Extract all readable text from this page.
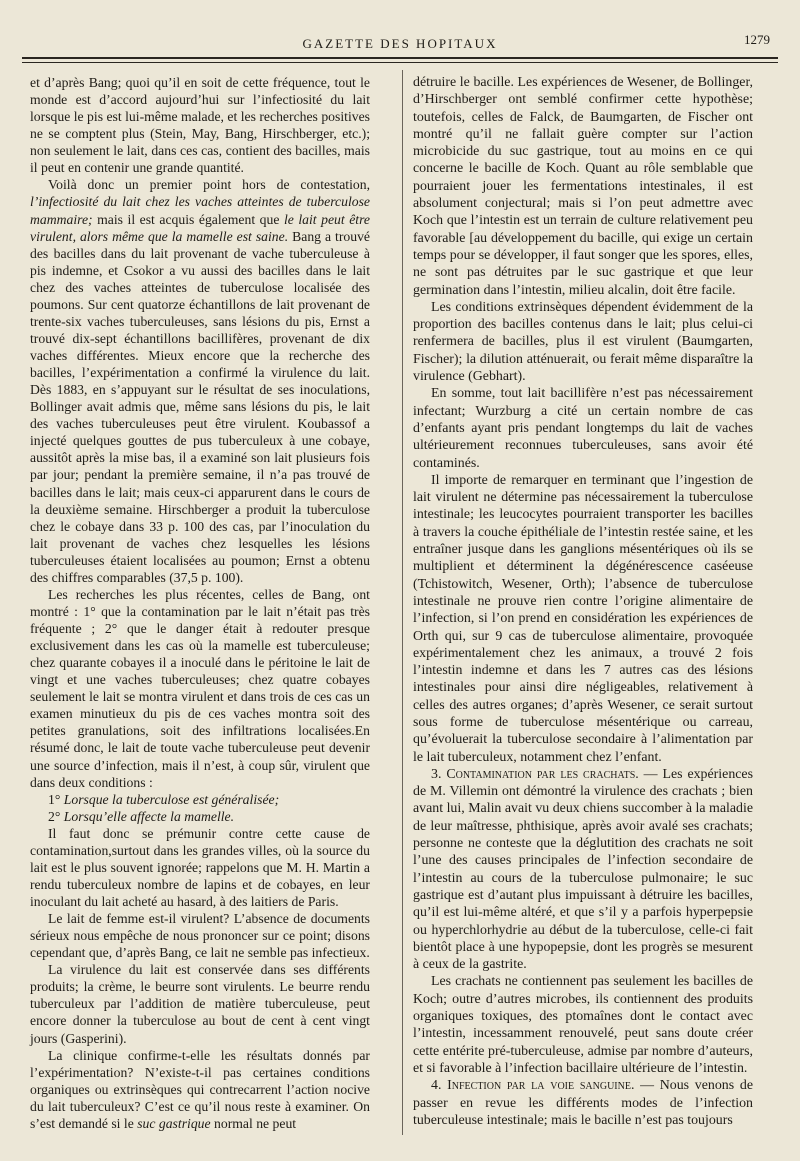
GAZETTE DES HOPITAUX	1279

et d’après Bang; quoi qu’il en soit de cette fréquence, tout le monde est d’accord aujourd’hui sur l’infectiosité du lait lorsque le pis est lui-même malade, et les recherches positives ne se comptent plus (Stein, May, Bang, Hirschberger, etc.); non seulement le lait, dans ces cas, contient des bacilles, mais il peut en contenir une grande quantité.

Voilà donc un premier point hors de contestation, l’infectiosité du lait chez les vaches atteintes de tuberculose mammaire; mais il est acquis également que le lait peut être virulent, alors même que la mamelle est saine. Bang a trouvé des bacilles dans du lait provenant de vache tuberculeuse à pis indemne, et Csokor a vu aussi des bacilles dans le lait chez des vaches atteintes de tuberculose localisée des poumons. Sur cent quatorze échantillons de lait provenant de trente-six vaches tuberculeuses, sans lésions du pis, Ernst a trouvé dix-sept échantillons bacillifères, provenant de dix vaches différentes. Mieux encore que la recherche des bacilles, l’expérimentation a confirmé la virulence du lait. Dès 1883, en s’appuyant sur le résultat de ses inoculations, Bollinger avait admis que, même sans lésions du pis, le lait des vaches tuberculeuses peut être virulent. Koubassof a injecté quelques gouttes de pus tuberculeux à une cobaye, aussitôt après la mise bas, il a examiné son lait plusieurs fois par jour; pendant la première semaine, il n’a pas trouvé de bacilles dans le lait; mais ceux-ci apparurent dans le cours de la deuxième semaine. Hirschberger a produit la tuberculose chez le cobaye dans 33 p. 100 des cas, par l’inoculation du lait provenant de vaches chez lesquelles les lésions tuberculeuses étaient localisées au poumon; Ernst a obtenu des chiffres comparables (37,5 p. 100).

Les recherches les plus récentes, celles de Bang, ont montré : 1° que la contamination par le lait n’était pas très fréquente ; 2° que le danger était à redouter presque exclusivement dans les cas où la mamelle est tuberculeuse; chez quarante cobayes il a inoculé dans le péritoine le lait de vingt et une vaches tuberculeuses; chez quatre cobayes seulement le lait se montra virulent et dans trois de ces cas un examen minutieux du pis de ces vaches montra soit des petites granulations, soit des infiltrations localisées.En résumé donc, le lait de toute vache tuberculeuse peut devenir une source d’infection, mais il n’est, à coup sûr, virulent que dans deux conditions :

1° Lorsque la tuberculose est généralisée;

2° Lorsqu’elle affecte la mamelle.

Il faut donc se prémunir contre cette cause de contamination,surtout dans les grandes villes, où la source du lait est le plus souvent ignorée; rappelons que M. H. Martin a rendu tuberculeux nombre de lapins et de cobayes, en leur inoculant du lait acheté au hasard, à des laitiers de Paris.

Le lait de femme est-il virulent? L’absence de documents sérieux nous empêche de nous prononcer sur ce point; disons cependant que, d’après Bang, ce lait ne semble pas infectieux.

La virulence du lait est conservée dans ses différents produits; la crème, le beurre sont virulents. Le beurre rendu tuberculeux par l’addition de matière tuberculeuse, peut encore donner la tuberculose au bout de cent à cent vingt jours (Gasperini).

La clinique confirme-t-elle les résultats donnés par l’expérimentation? N’existe-t-il pas certaines conditions organiques ou extrinsèques qui contrecarrent l’action nocive du lait tuberculeux? C’est ce qu’il nous reste à examiner. On s’est demandé si le suc gastrique normal ne peut

détruire le bacille. Les expériences de Wesener, de Bollinger, d’Hirschberger ont semblé confirmer cette hypothèse; toutefois, celles de Falck, de Baumgarten, de Fischer ont montré qu’il ne fallait guère compter sur l’action microbicide du suc gastrique, tout au moins en ce qui concerne le bacille de Koch. Quant au rôle semblable que pourraient jouer les fermentations intestinales, il est absolument conjectural; mais si l’on peut admettre avec Koch que l’intestin est un terrain de culture relativement peu favorable [au développement du bacille, qui exige un certain temps pour se développer, il faut songer que les spores, elles, ne sont pas détruites par le suc gastrique et que leur germination dans l’intestin, milieu alcalin, doit être facile.

Les conditions extrinsèques dépendent évidemment de la proportion des bacilles contenus dans le lait; plus celui-ci renfermera de bacilles, plus il est virulent (Baumgarten, Fischer); la dilution atténuerait, ou ferait même disparaître la virulence (Gebhart).

En somme, tout lait bacillifère n’est pas nécessairement infectant; Wurzburg a cité un certain nombre de cas d’enfants ayant pris pendant longtemps du lait de vaches ultérieurement reconnues tuberculeuses, sans avoir été contaminés.

Il importe de remarquer en terminant que l’ingestion de lait virulent ne détermine pas nécessairement la tuberculose intestinale; les leucocytes pourraient transporter les bacilles à travers la couche épithéliale de l’intestin restée saine, et les entraîner jusque dans les ganglions mésentériques où ils se multiplient et déterminent la dégénérescence caséeuse (Tchistowitch, Wesener, Orth); l’absence de tuberculose intestinale ne prouve rien contre l’origine alimentaire de l’infection, si l’on prend en considération les expériences de Orth qui, sur 9 cas de tuberculose alimentaire, provoquée expérimentalement chez les animaux, a trouvé 2 fois l’intestin indemne et dans les 7 autres cas des lésions intestinales pour ainsi dire négligeables, relativement à celles des autres organes; d’après Wesener, ce serait surtout sous forme de tuberculose mésentérique ou carreau, qu’évoluerait la tuberculose secondaire à l’alimentation par le lait tuberculeux, notamment chez l’enfant.

3. Contamination par les crachats. — Les expériences de M. Villemin ont démontré la virulence des crachats ; bien avant lui, Malin avait vu deux chiens succomber à la maladie de leur maîtresse, phthisique, après avoir avalé ses crachats; personne ne conteste que la déglutition des crachats ne soit l’une des causes principales de l’infection secondaire de l’intestin au cours de la tuberculose pulmonaire; le suc gastrique est d’autant plus impuissant à détruire les bacilles, qu’il est lui-même altéré, et que s’il y a parfois hyperpepsie ou hyperchlorhydrie au début de la tuberculose, celle-ci fait bientôt place à une hypopepsie, dont les progrès se mesurent à ceux de la gastrite.

Les crachats ne contiennent pas seulement les bacilles de Koch; outre d’autres microbes, ils contiennent des produits organiques toxiques, des ptomaînes dont le contact avec l’intestin, incessamment renouvelé, peut sans doute créer cette entérite pré-tuberculeuse, admise par nombre d’auteurs, et si favorable à l’infection bacillaire ultérieure de l’intestin.

4. Infection par la voie sanguine. — Nous venons de passer en revue les différents modes de l’infection tuberculeuse intestinale; mais le bacille n’est pas toujours
